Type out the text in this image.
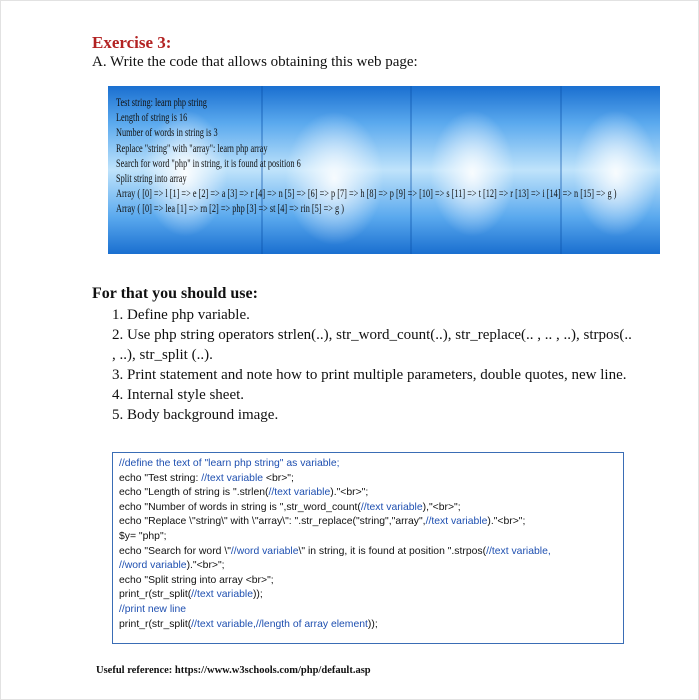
Exercise 3:
A. Write the code that allows obtaining this web page:
Test string: learn php string
Length of string is 16
Number of words in string is 3
Replace "string" with "array": learn php array
Search for word "php" in string, it is found at position 6
Split string into array
Array ( [0] => l [1] => e [2] => a [3] => r [4] => n [5] => [6] => p [7] => h [8] => p [9] => [10] => s [11] => t [12] => r [13] => i [14] => n [15] => g )
Array ( [0] => lea [1] => rn [2] => php [3] => st [4] => rin [5] => g )
For that you should use:

1. Define php variable.

2. Use php string operators strlen(..), str_word_count(..), str_replace(.. , .. , ..), strpos(.. , ..), str_split (..).

3. Print statement and note how to print multiple parameters, double quotes, new line.

4. Internal style sheet.

5. Body background image.

//define the text of "learn php string" as variable;
echo "Test string: //text variable <br>";
echo "Length of string is ".strlen(//text variable)."<br>";
echo "Number of words in string is ",str_word_count(//text variable),"<br>";
echo "Replace \"string\" with \"array\": ".str_replace("string","array",//text variable)."<br>";
$y= "php";
echo "Search for word \"//word variable\" in string, it is found at position ".strpos(//text variable,
//word variable)."<br>";
echo "Split string into array <br>";
print_r(str_split(//text variable));
//print new line
print_r(str_split(//text variable,//length of array element));

Useful reference: https://www.w3schools.com/php/default.asp
